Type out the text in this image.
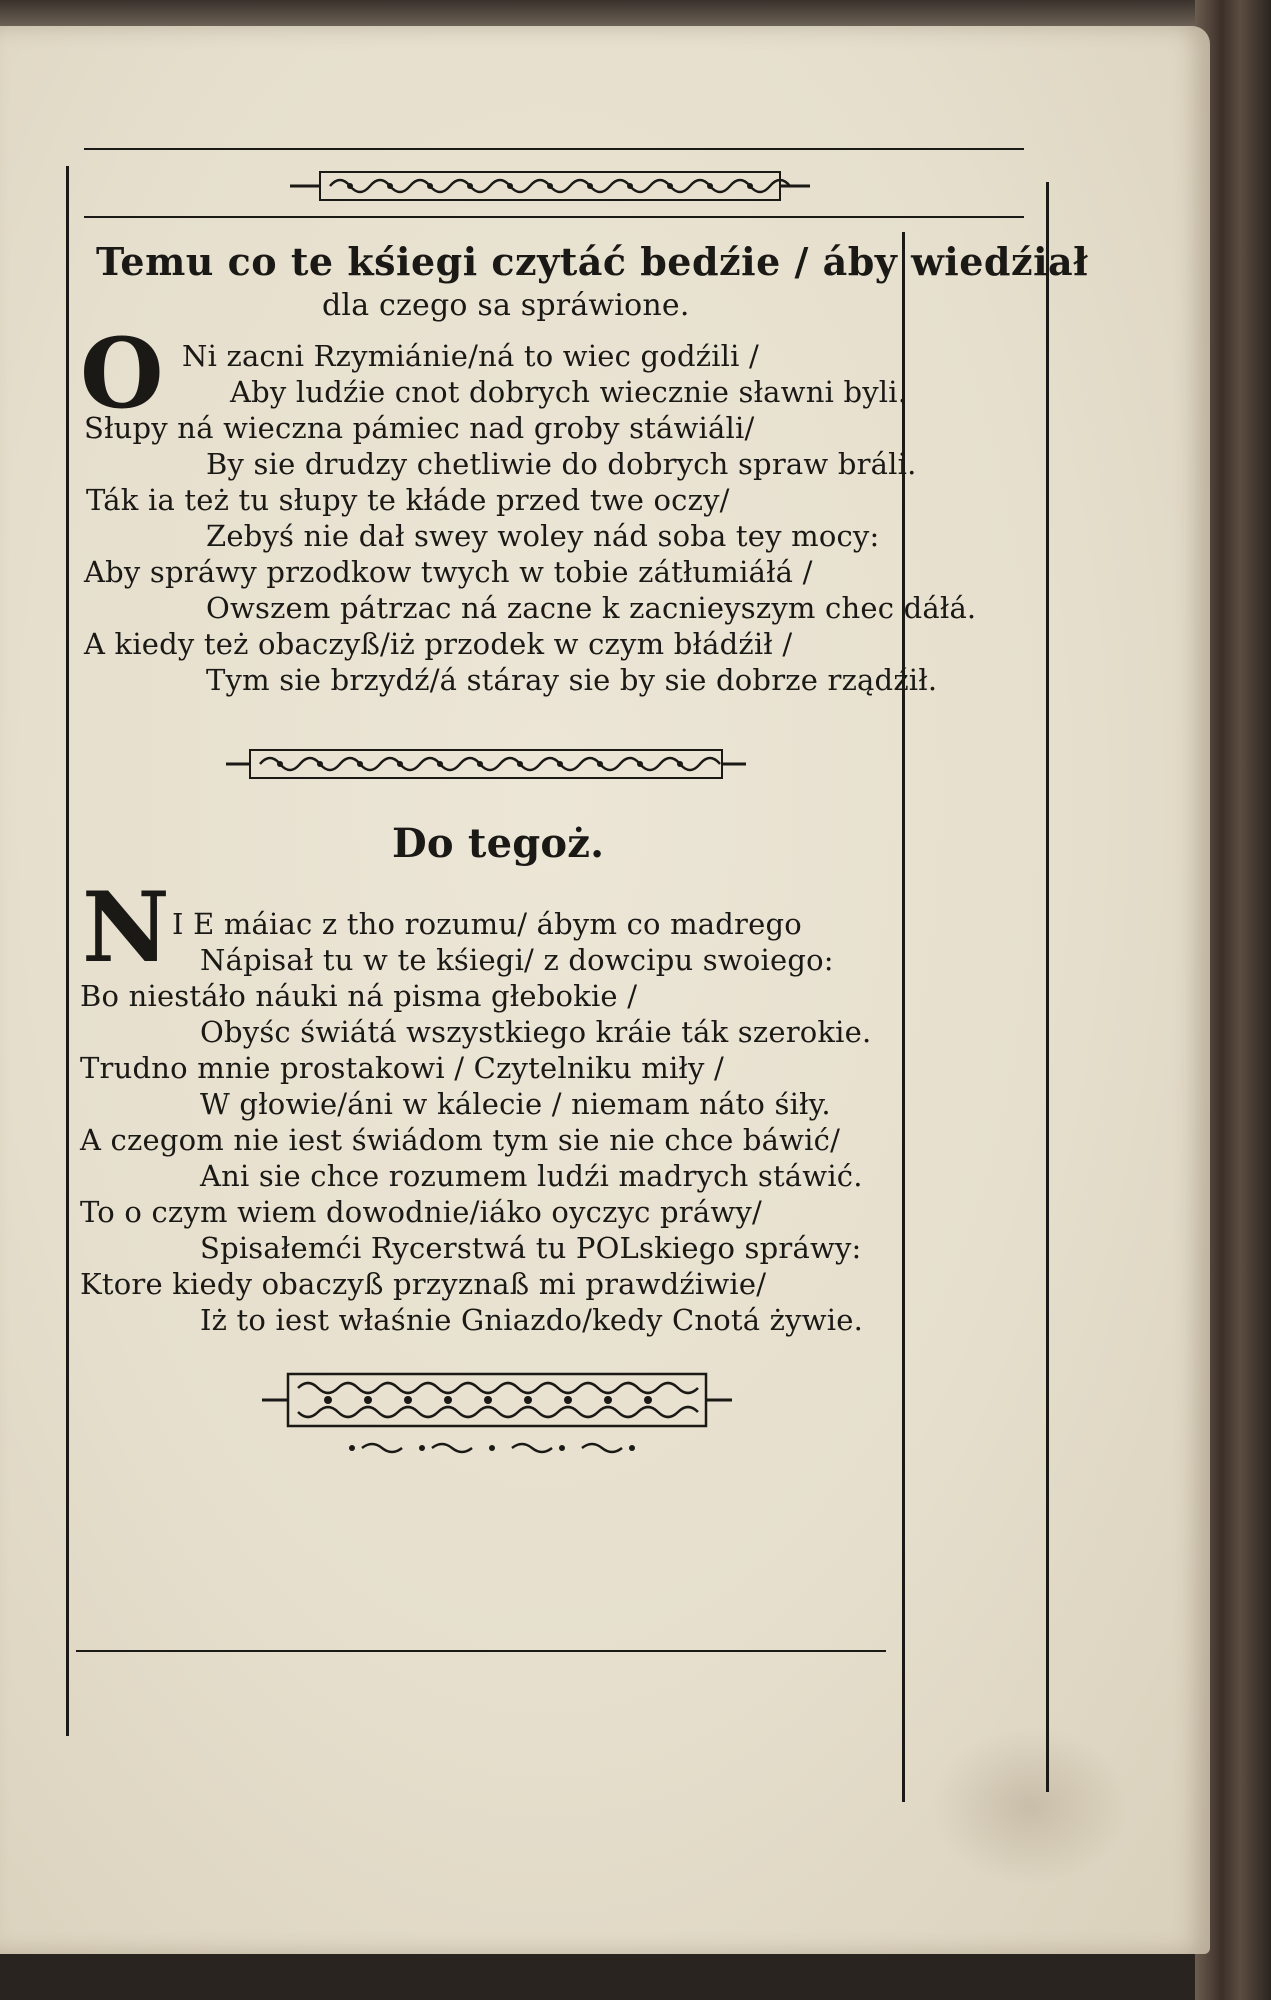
Temu co te kśiegi czytáć bedźie / áby wiedźiał
dla czego sa spráwione.
O Ni zacni Rzymiánie/ná to wiec godźili /
Aby ludźie cnot dobrych wiecznie sławni byli.
Słupy ná wieczna pámiec nad groby stáwiáli/
By sie drudzy chetliwie do dobrych spraw bráli.
Ták ia też tu słupy te kłáde przed twe oczy/
Zebyś nie dał swey woley nád soba tey mocy:
Aby spráwy przodkow twych w tobie zátłumiáłá /
Owszem pátrzac ná zacne k zacnieyszym chec dáłá.
A kiedy też obaczyß/iż przodek w czym błádźił /
Tym sie brzydź/á stáray sie by sie dobrze rządźił.
Do tegoż.
N I E máiac z tho rozumu/ ábym co madrego
Nápisał tu w te kśiegi/ z dowcipu swoiego:
Bo niestáło náuki ná pisma głebokie /
Obyśc świátá wszystkiego kráie ták szerokie.
Trudno mnie prostakowi / Czytelniku miły /
W głowie/áni w kálecie / niemam náto śiły.
A czegom nie iest świádom tym sie nie chce báwić/
Ani sie chce rozumem ludźi madrych stáwić.
To o czym wiem dowodnie/iáko oyczyc práwy/
Spisałemći Rycerstwá tu POLskiego spráwy:
Ktore kiedy obaczyß przyznaß mi prawdźiwie/
Iż to iest właśnie Gniazdo/kedy Cnotá żywie.
